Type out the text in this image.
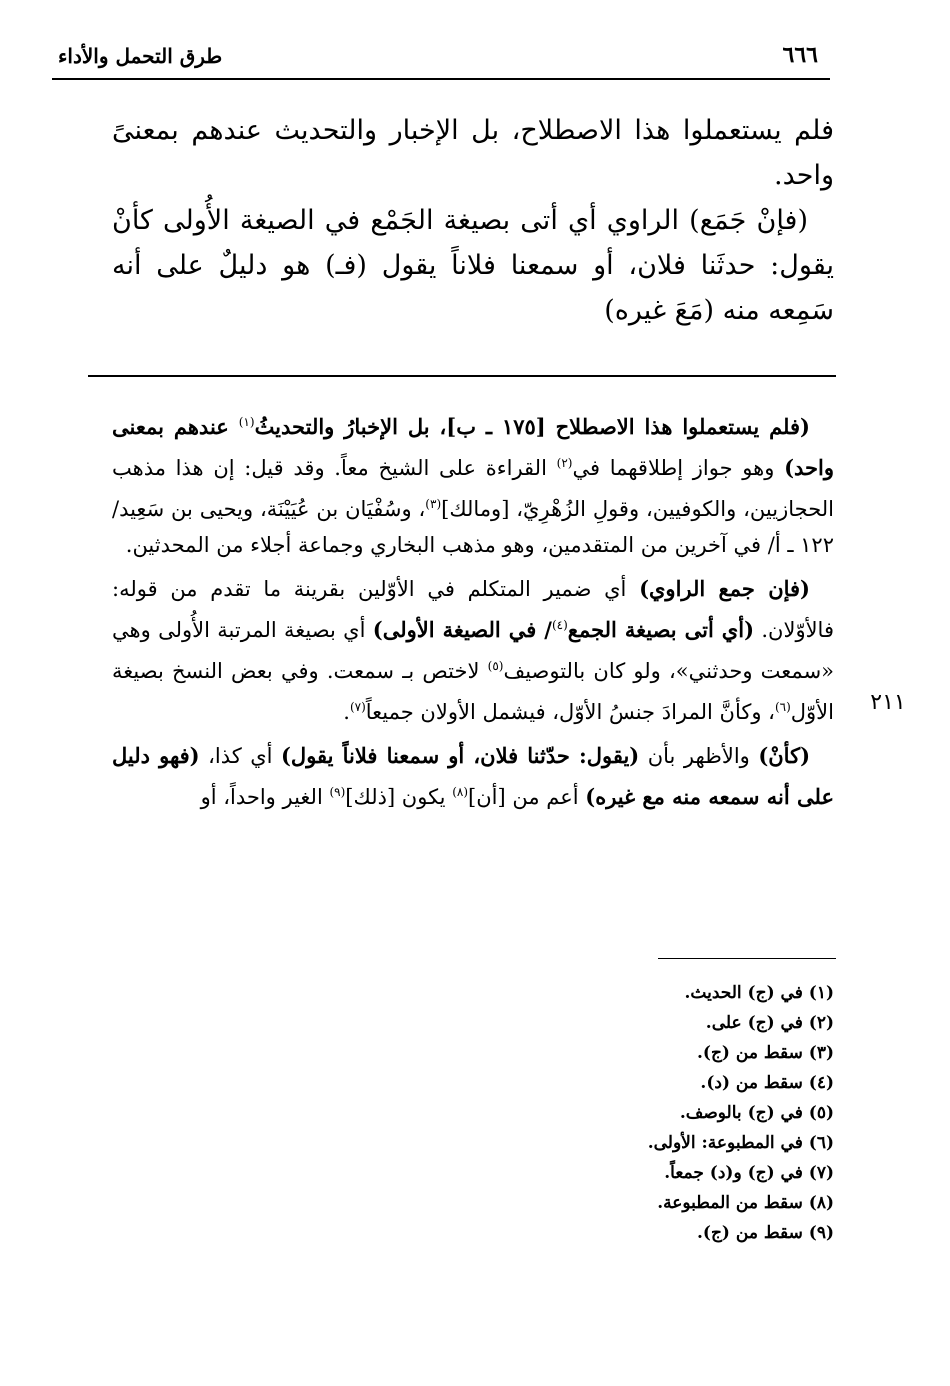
٦٦٦
طرق التحمل والأداء

فلم يستعملوا هذا الاصطلاح، بل الإخبار والتحديث عندهم بمعنىً واحد.

(فإنْ جَمَع) الراوي أي أتى بصيغة الجَمْع في الصيغة الأُولى كأنْ يقول: حدثَنا فلان، أو سمعنا فلاناً يقول (فـ) هو دليلٌ على أنه سَمِعه منه (مَعَ غيره)

٢١١

(فلم يستعملوا هذا الاصطلاح [١٧٥ ـ ب]، بل الإخبارُ والتحديثُ$^{(١)}$ عندهم بمعنى واحد) وهو جواز إطلاقهما في$^{(٢)}$ القراءة على الشيخ معاً. وقد قيل: إن هذا مذهب الحجازيين، والكوفيين، وقولِ الزُهْرِيّ، [ومالك]$^{(٣)}$، وسُفْيَان بن عُيَيْنَة، ويحيى بن سَعِيد/١٢٢ ـ أ/ في آخرين من المتقدمين، وهو مذهب البخاري وجماعة أجلاء من المحدثين.

(فإن جمع الراوي) أي ضمير المتكلم في الأوّلين بقرينة ما تقدم من قوله: فالأوّلان. (أي أتى بصيغة الجمع$^{(٤)}$/ في الصيغة الأولى) أي بصيغة المرتبة الأُولى وهي «سمعت وحدثني»، ولو كان بالتوصيف$^{(٥)}$ لاختص بـ سمعت. وفي بعض النسخ بصيغة الأوّل$^{(٦)}$، وكأنَّ المرادَ جنسُ الأوّل، فيشمل الأولان جميعاً$^{(٧)}$.

(كأنْ) والأظهر بأن (يقول: حدّثنا فلان، أو سمعنا فلاناً يقول) أي كذا، (فهو دليل على أنه سمعه منه مع غيره) أعم من [أن]$^{(٨)}$ يكون [ذلك]$^{(٩)}$ الغير واحداً، أو

(١) في (ج) الحديث.
(٢) في (ج) على.
(٣) سقط من (ج).
(٤) سقط من (د).
(٥) في (ج) بالوصف.
(٦) في المطبوعة: الأولى.
(٧) في (ج) و(د) جمعاً.
(٨) سقط من المطبوعة.
(٩) سقط من (ج).
